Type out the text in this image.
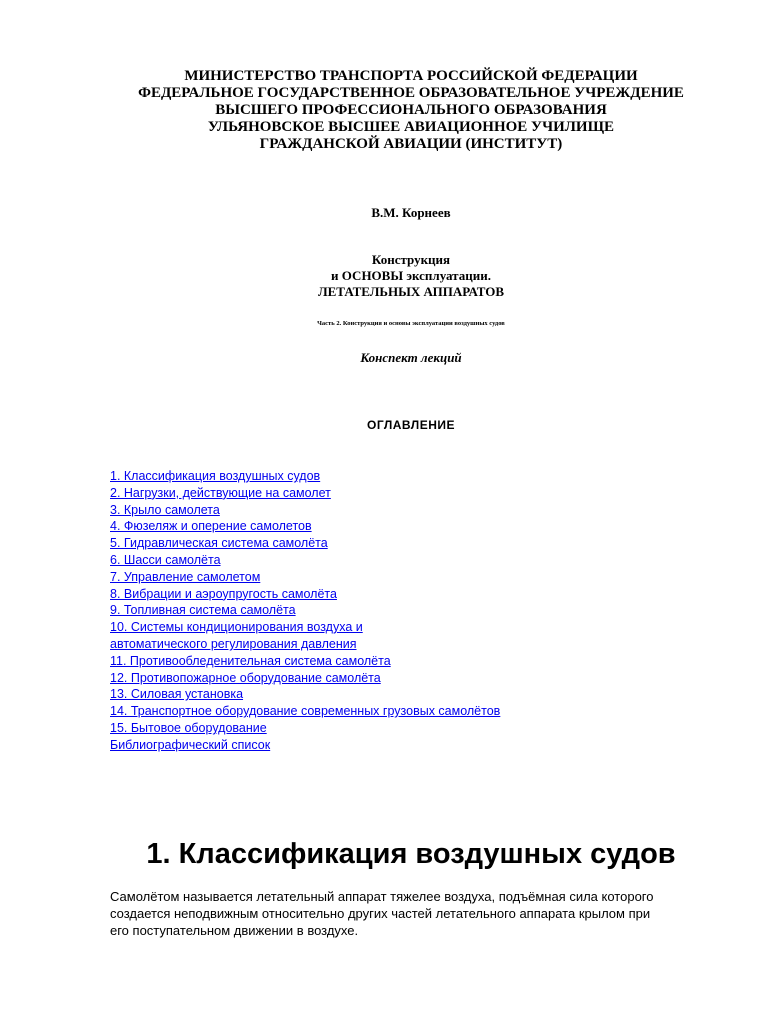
МИНИСТЕРСТВО ТРАНСПОРТА РОССИЙСКОЙ ФЕДЕРАЦИИ
ФЕДЕРАЛЬНОЕ ГОСУДАРСТВЕННОЕ ОБРАЗОВАТЕЛЬНОЕ УЧРЕЖДЕНИЕ
ВЫСШЕГО ПРОФЕССИОНАЛЬНОГО ОБРАЗОВАНИЯ
УЛЬЯНОВСКОЕ ВЫСШЕЕ АВИАЦИОННОЕ УЧИЛИЩЕ
ГРАЖДАНСКОЙ АВИАЦИИ (ИНСТИТУТ)
В.М. Корнеев
Конструкция
и ОСНОВЫ эксплуатации.
ЛЕТАТЕЛЬНЫХ АППАРАТОВ
Часть 2. Конструкция и основы эксплуатации воздушных судов
Конспект лекций
ОГЛАВЛЕНИЕ
1. Классификация воздушных судов
2. Нагрузки, действующие на самолет
3. Крыло самолета
4. Фюзеляж и оперение самолетов
5. Гидравлическая система самолёта
6. Шасси самолёта
7. Управление самолетом
8. Вибрации и аэроупругость самолёта
9. Топливная система самолёта
10. Системы кондиционирования воздуха и
автоматического регулирования давления
11. Противообледенительная система самолёта
12. Противопожарное оборудование самолёта
13. Силовая установка
14. Транспортное оборудование современных грузовых самолётов
15. Бытовое оборудование
Библиографический список
1. Классификация воздушных судов
Самолётом называется летательный аппарат тяжелее воздуха, подъёмная сила которого
создается неподвижным относительно других частей летательного аппарата крылом при
его поступательном движении в воздухе.
